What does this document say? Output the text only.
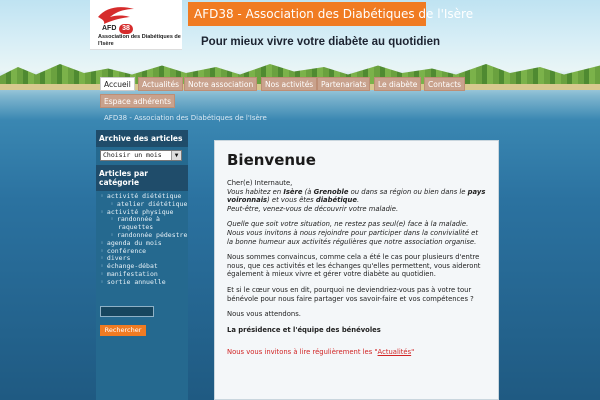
AFD 38
Association des Diabétiques de l'Isère
AFD38 - Association des Diabétiques de l'Isère
Pour mieux vivre votre diabète au quotidien
Accueil	Actualités	Notre association	Nos activités	Partenariats	Le diabète	Contacts
Espace adhérents
AFD38 - Association des Diabétiques de l'Isère
Archive des articles
Choisir un mois	▼
Articles par catégorie
◦ activité diététique
◦ atelier diététique
◦ activité physique
◦ randonnée à
raquettes
◦ randonnée pédestre
◦ agenda du mois
◦ conférence
◦ divers
◦ échange-débat
◦ manifestation
◦ sortie annuelle
Rechercher
Bienvenue

Cher(e) Internaute,
Vous habitez en Isère (à Grenoble ou dans sa région ou bien dans le pays voironnais) et vous êtes diabétique.
Peut-être, venez-vous de découvrir votre maladie.

Quelle que soit votre situation, ne restez pas seul(e) face à la maladie. Nous vous invitons à nous rejoindre pour participer dans la convivialité et la bonne humeur aux activités régulières que notre association organise.

Nous sommes convaincus, comme cela a été le cas pour plusieurs d'entre nous, que ces activités et les échanges qu'elles permettent, vous aideront également à mieux vivre et gérer votre diabète au quotidien.

Et si le cœur vous en dit, pourquoi ne deviendriez-vous pas à votre tour bénévole pour nous faire partager vos savoir-faire et vos compétences ?

Nous vous attendons.

La présidence et l'équipe des bénévoles

Nous vous invitons à lire régulièrement les "Actualités"
